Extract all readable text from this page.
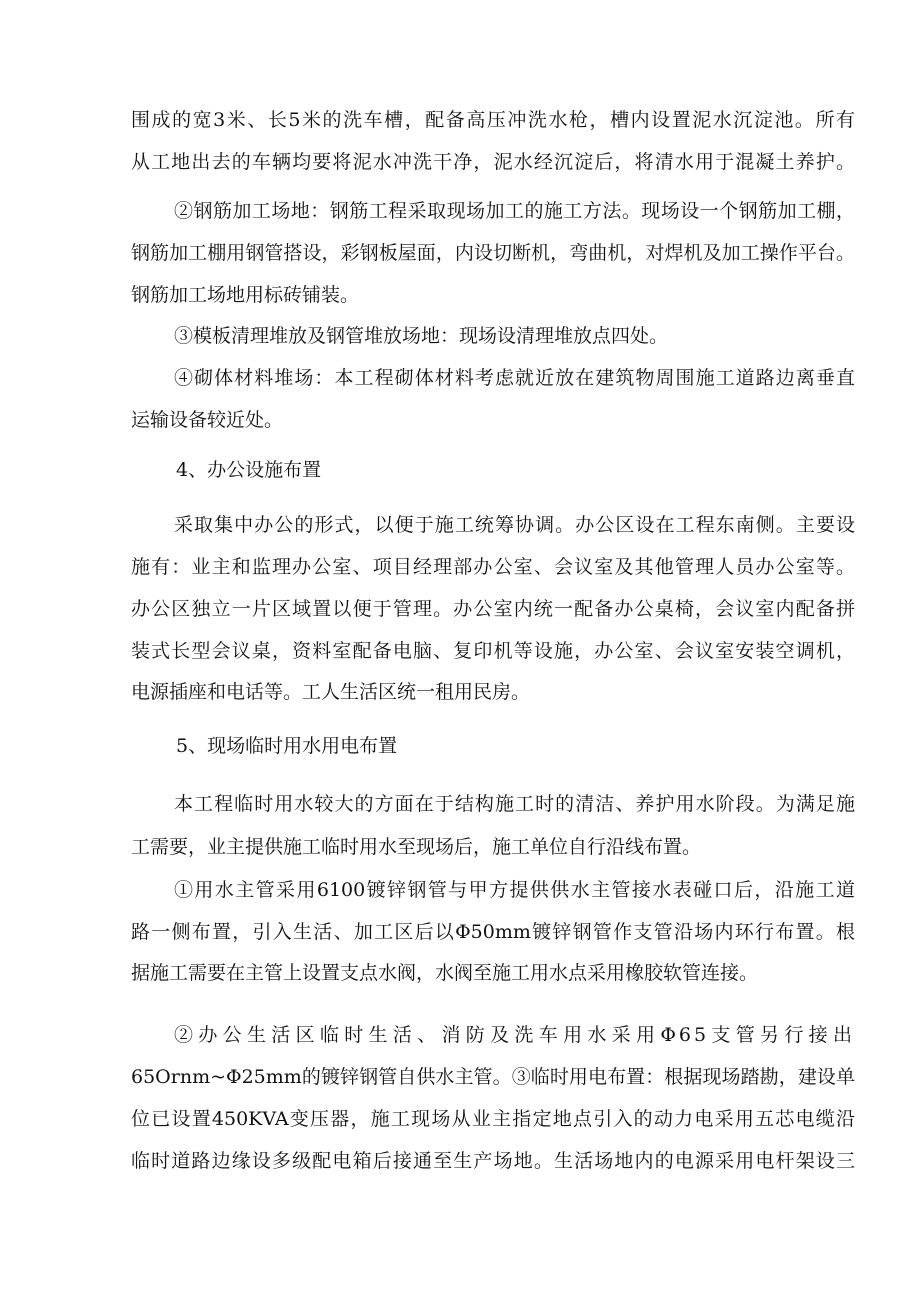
围成的宽3米、长5米的洗车槽，配备高压冲洗水枪，槽内设置泥水沉淀池。所有
从工地出去的车辆均要将泥水冲洗干净，泥水经沉淀后，将清水用于混凝土养护。
②钢筋加工场地：钢筋工程采取现场加工的施工方法。现场设一个钢筋加工棚，
钢筋加工棚用钢管搭设，彩钢板屋面，内设切断机，弯曲机，对焊机及加工操作平台。
钢筋加工场地用标砖铺装。
③模板清理堆放及钢管堆放场地：现场设清理堆放点四处。
④砌体材料堆场：本工程砌体材料考虑就近放在建筑物周围施工道路边离垂直
运输设备较近处。
4、办公设施布置
采取集中办公的形式，以便于施工统筹协调。办公区设在工程东南侧。主要设
施有：业主和监理办公室、项目经理部办公室、会议室及其他管理人员办公室等。
办公区独立一片区域置以便于管理。办公室内统一配备办公桌椅，会议室内配备拼
装式长型会议桌，资料室配备电脑、复印机等设施，办公室、会议室安装空调机，
电源插座和电话等。工人生活区统一租用民房。
5、现场临时用水用电布置
本工程临时用水较大的方面在于结构施工时的清洁、养护用水阶段。为满足施
工需要，业主提供施工临时用水至现场后，施工单位自行沿线布置。
①用水主管采用6100镀锌钢管与甲方提供供水主管接水表碰口后，沿施工道
路一侧布置，引入生活、加工区后以Φ50mm镀锌钢管作支管沿场内环行布置。根
据施工需要在主管上设置支点水阀，水阀至施工用水点采用橡胶软管连接。
②办公生活区临时生活、消防及洗车用水采用Φ65支管另行接出
65Ornm~Φ25mm的镀锌钢管自供水主管。③临时用电布置：根据现场踏勘，建设单
位已设置450KVA变压器，施工现场从业主指定地点引入的动力电采用五芯电缆沿
临时道路边缘设多级配电箱后接通至生产场地。生活场地内的电源采用电杆架设三
